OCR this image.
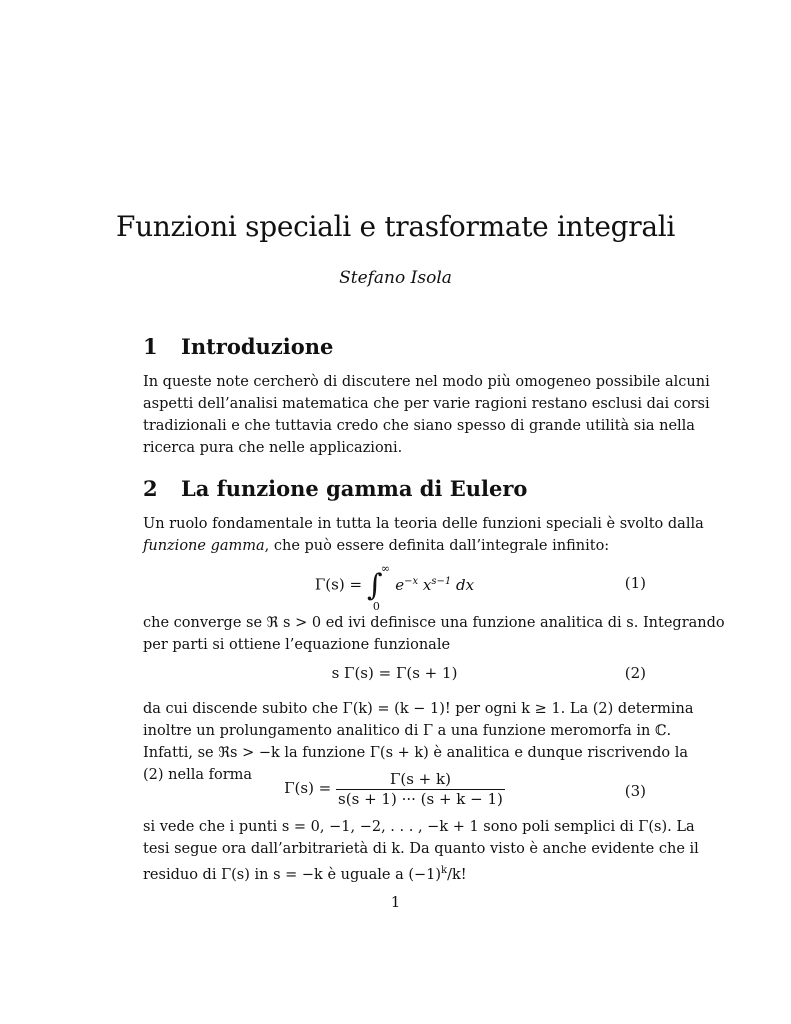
Funzioni speciali e trasformate integrali
Stefano Isola
1 Introduzione
In queste note cercherò di discutere nel modo più omogeneo possibile alcuni
aspetti dell’analisi matematica che per varie ragioni restano esclusi dai corsi
tradizionali e che tuttavia credo che siano spesso di grande utilità sia nella
ricerca pura che nelle applicazioni.
2 La funzione gamma di Eulero
Un ruolo fondamentale in tutta la teoria delle funzioni speciali è svolto dalla
funzione gamma, che può essere definita dall’integrale infinito:
Γ(s) = ∫
∞
0
$e^{-x}$ $x^{s-1}$ dx	(1)
che converge se ℜ s > 0 ed ivi definisce una funzione analitica di s. Integrando
per parti si ottiene l’equazione funzionale
s Γ(s) = Γ(s + 1)	(2)
da cui discende subito che Γ(k) = (k − 1)! per ogni k ≥ 1. La (2) determina
inoltre un prolungamento analitico di Γ a una funzione meromorfa in ℂ.
Infatti, se ℜs > −k la funzione Γ(s + k) è analitica e dunque riscrivendo la
(2) nella forma
$\Gamma(s) = \frac{\Gamma(s + k)}{s(s + 1) \cdot\cdot\cdot (s + k - 1)}$	(3)
si vede che i punti s = 0, −1, −2, . . . , −k + 1 sono poli semplici di Γ(s). La
tesi segue ora dall’arbitrarietà di k. Da quanto visto è anche evidente che il
residuo di Γ(s) in s = −k è uguale a $(-1)^k/k$!
1
